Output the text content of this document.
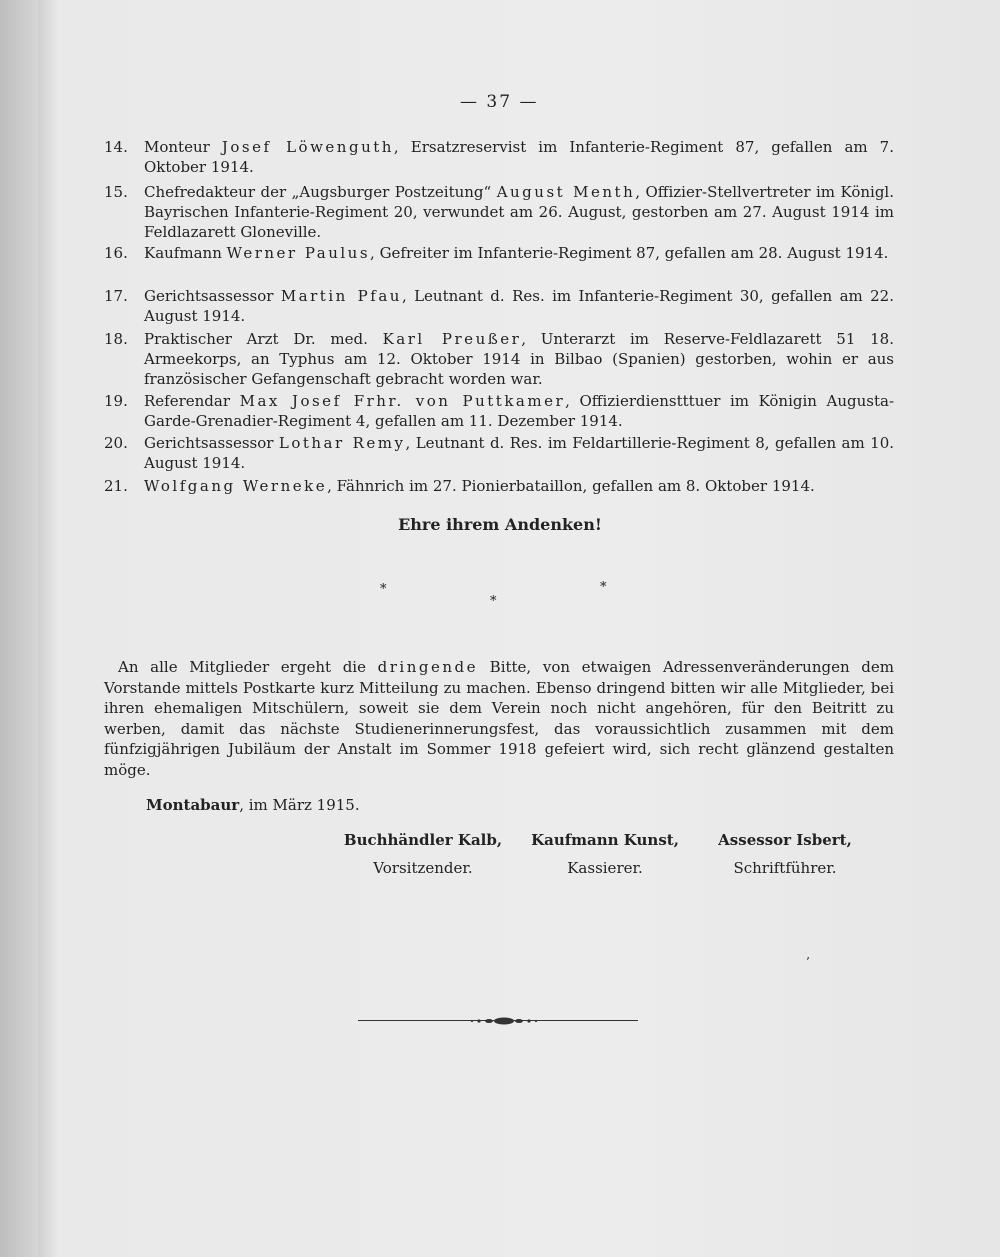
— 37 —
14. Monteur Josef Löwenguth, Ersatzreservist im Infanterie-Regiment 87, gefallen am 7. Oktober 1914.
15. Chefredakteur der „Augsburger Postzeitung“ August Menth, Offizier-Stellvertreter im Königl. Bayrischen Infanterie-Regiment 20, verwundet am 26. August, gestorben am 27. August 1914 im Feldlazarett Gloneville.
16. Kaufmann Werner Paulus, Gefreiter im Infanterie-Regiment 87, gefallen am 28. August 1914.
17. Gerichtsassessor Martin Pfau, Leutnant d. Res. im Infanterie-Regiment 30, gefallen am 22. August 1914.
18. Praktischer Arzt Dr. med. Karl Preußer, Unterarzt im Reserve-Feldlazarett 51 18. Armeekorps, an Typhus am 12. Oktober 1914 in Bilbao (Spanien) gestorben, wohin er aus französischer Gefangenschaft gebracht worden war.
19. Referendar Max Josef Frhr. von Puttkamer, Offizierdienstttuer im Königin Augusta-Garde-Grenadier-Regiment 4, gefallen am 11. Dezember 1914.
20. Gerichtsassessor Lothar Remy, Leutnant d. Res. im Feldartillerie-Regiment 8, gefallen am 10. August 1914.
21. Wolfgang Werneke, Fähnrich im 27. Pionierbataillon, gefallen am 8. Oktober 1914.
Ehre ihrem Andenken!
*
*
*
An alle Mitglieder ergeht die dringende Bitte, von etwaigen Adressenveränderungen dem Vorstande mittels Postkarte kurz Mitteilung zu machen. Ebenso dringend bitten wir alle Mitglieder, bei ihren ehemaligen Mitschülern, soweit sie dem Verein noch nicht angehören, für den Beitritt zu werben, damit das nächste Studienerinnerungsfest, das voraussichtlich zusammen mit dem fünfzigjährigen Jubiläum der Anstalt im Sommer 1918 gefeiert wird, sich recht glänzend gestalten möge.
Montabaur, im März 1915.
Buchhändler Kalb,
Vorsitzender.
Kaufmann Kunst,
Kassierer.
Assessor Isbert,
Schriftführer.
’
